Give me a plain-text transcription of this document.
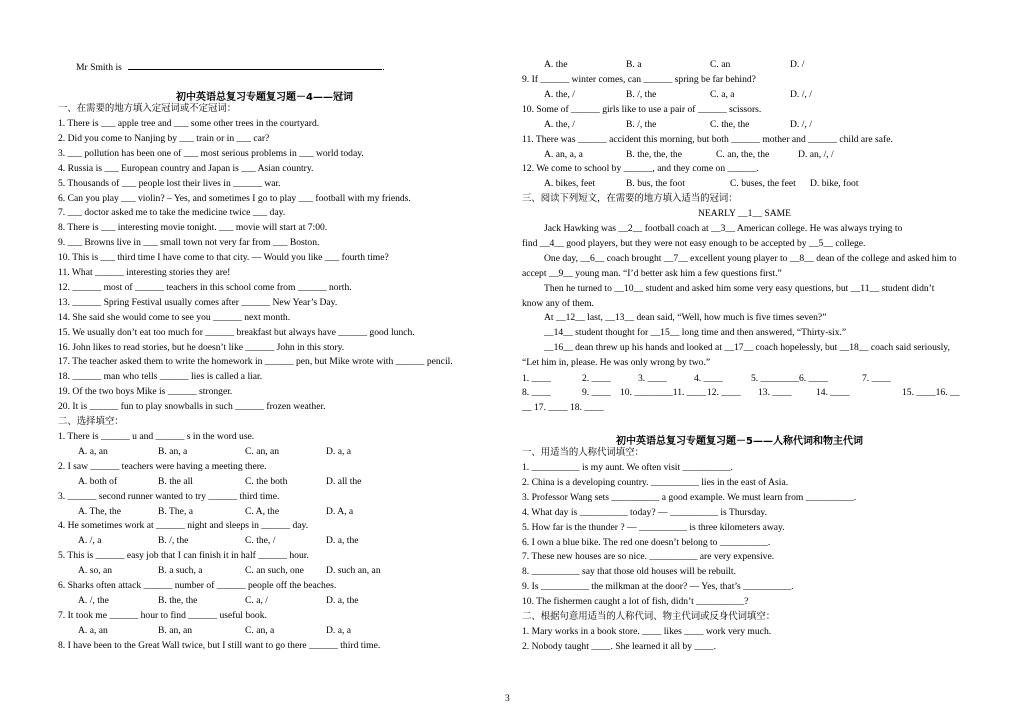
Mr Smith is	.
初中英语总复习专题复习题－4——冠词
一、在需要的地方填入定冠词或不定冠词：
1. There is ___ apple tree and ___ some other trees in the courtyard.
2. Did you come to Nanjing by ___ train or in ___ car?
3. ___ pollution has been one of ___ most serious problems in ___ world today.
4. Russia is ___ European country and Japan is ___ Asian country.
5. Thousands of ___ people lost their lives in ______ war.
6. Can you play ___ violin? – Yes, and sometimes I go to play ___ football with my friends.
7. ___ doctor asked me to take the medicine twice ___ day.
8. There is ___ interesting movie tonight. ___ movie will start at 7:00.
9. ___ Browns live in ___ small town not very far from ___ Boston.
10. This is ___ third time I have come to that city. — Would you like ___ fourth time?
11. What ______ interesting stories they are!
12. ______ most of ______ teachers in this school come from ______ north.
13. ______ Spring Festival usually comes after ______ New Year’s Day.
14. She said she would come to see you ______ next month.
15. We usually don’t eat too much for ______ breakfast but always have ______ good lunch.
16. John likes to read stories, but he doesn’t like ______ John in this story.
17. The teacher asked them to write the homework in ______ pen, but Mike wrote with ______ pencil.
18. ______ man who tells ______ lies is called a liar.
19. Of the two boys Mike is ______ stronger.
20. It is ______ fun to play snowballs in such ______ frozen weather.
二、选择填空：
1. There is ______ u and ______ s in the word use.
A. a, an	B. an, a	C. an, an	D. a, a
2. I saw ______ teachers were having a meeting there.
A. both of	B. the all	C. the both	D. all the
3. ______ second runner wanted to try ______ third time.
A. The, the	B. The, a	C. A, the	D. A, a
4. He sometimes work at ______ night and sleeps in ______ day.
A. /, a	B. /, the	C. the, /	D. a, the
5. This is ______ easy job that I can finish it in half ______ hour.
A. so, an	B. a such, a	C. an such, one D. such an, an
6. Sharks often attack ______ number of ______ people off the beaches.
A. /, the	B. the, the	C. a, /	D. a, the
7. It took me ______ hour to find ______ useful book.
A. a, an	B. an, an	C. an, a	D. a, a
8. I have been to the Great Wall twice, but I still want to go there ______ third time.
A. the	B. a	C. an	D. /
9. If ______ winter comes, can ______ spring be far behind?
A. the, /	B. /, the	C. a, a	D. /, /
10. Some of ______ girls like to use a pair of ______ scissors.
A. the, /	B. /, the	C. the, the	D. /, /
11. There was ______ accident this morning, but both ______ mother and ______ child are safe.
A. an, a, a	B. the, the, the	C. an, the, the	D. an, /, /
12. We come to school by ______, and they come on ______.
A. bikes, feet	B. bus, the foot	C. buses, the feet D. bike, foot
三、阅读下列短文，在需要的地方填入适当的冠词：
NEARLY __1__ SAME
Jack Hawking was __2__ football coach at __3__ American college. He was always trying to
find __4__ good players, but they were not easy enough to be accepted by __5__ college.
One day, __6__ coach brought __7__ excellent young player to __8__ dean of the college and asked him to
accept __9__ young man. “I’d better ask him a few questions first.”
Then he turned to __10__ student and asked him some very easy questions, but __11__ student didn’t
know any of them.
At __12__ last, __13__ dean said, “Well, how much is five times seven?”
__14__ student thought for __15__ long time and then answered, “Thirty-six.”
__16__ dean threw up his hands and looked at __17__ coach hopelessly, but __18__ coach said seriously,
“Let him in, please. He was only wrong by two.”
1. ____	2. ____	3. ____	4. ____	5. ________6. ____	7. ____
8. ____	9. ____ 10. ________11. ____ 12. ____ 13. ____	14. ____	15. ____16. __
__ 17. ____ 18. ____
初中英语总复习专题复习题－5——人称代词和物主代词
一、用适当的人称代词填空：
1. __________ is my aunt. We often visit __________.
2. China is a developing country. __________ lies in the east of Asia.
3. Professor Wang sets __________ a good example. We must learn from __________.
4. What day is __________ today? — __________ is Thursday.
5. How far is the thunder ? — __________ is three kilometers away.
6. I own a blue bike. The red one doesn’t belong to __________.
7. These new houses are so nice. __________ are very expensive.
8. __________ say that those old houses will be rebuilt.
9. Is __________ the milkman at the door? — Yes, that’s __________.
10. The fishermen caught a lot of fish, didn’t __________?
二、根据句意用适当的人称代词、物主代词或反身代词填空：
1. Mary works in a book store. ____ likes ____ work very much.
2. Nobody taught ____. She learned it all by ____.
3
